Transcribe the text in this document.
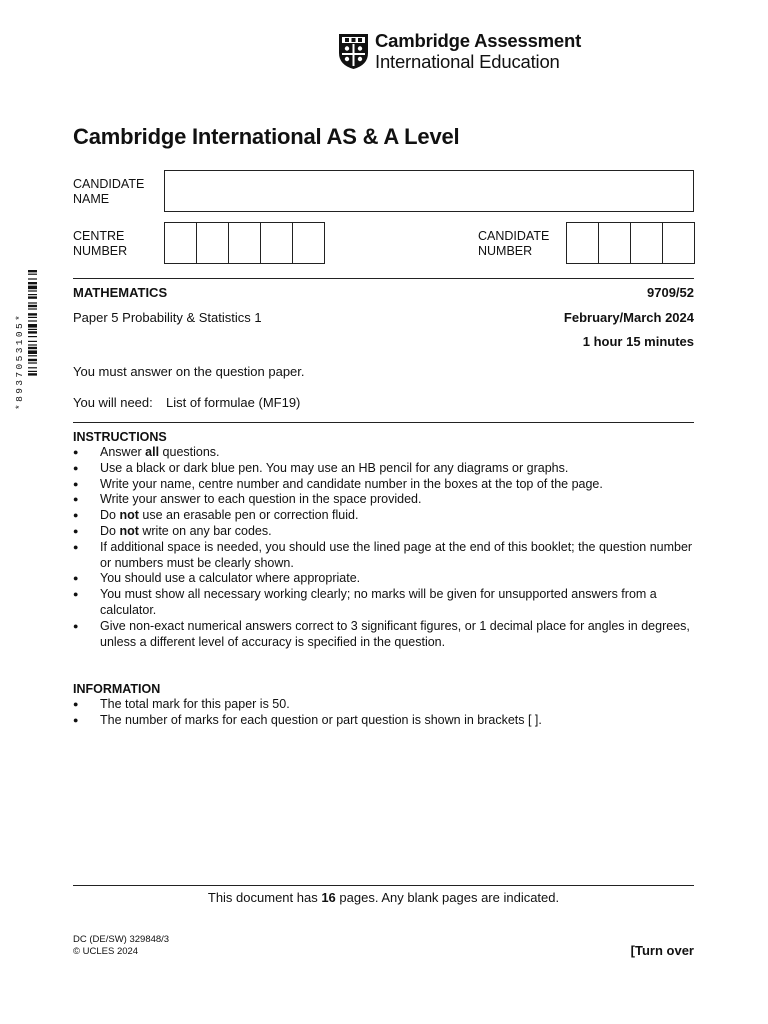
Cambridge Assessment
International Education
Cambridge International AS & A Level
CANDIDATE
NAME
CENTRE
NUMBER
CANDIDATE
NUMBER
*8937053105*
MATHEMATICS	9709/52
Paper 5 Probability & Statistics 1	February/March 2024
1 hour 15 minutes
You must answer on the question paper.
You will need: List of formulae (MF19)
INSTRUCTIONS
● Answer all questions.
● Use a black or dark blue pen. You may use an HB pencil for any diagrams or graphs.
● Write your name, centre number and candidate number in the boxes at the top of the page.
● Write your answer to each question in the space provided.
● Do not use an erasable pen or correction fluid.
● Do not write on any bar codes.
● If additional space is needed, you should use the lined page at the end of this booklet; the question number or numbers must be clearly shown.
● You should use a calculator where appropriate.
● You must show all necessary working clearly; no marks will be given for unsupported answers from a calculator.
● Give non-exact numerical answers correct to 3 significant figures, or 1 decimal place for angles in degrees, unless a different level of accuracy is specified in the question.
INFORMATION
● The total mark for this paper is 50.
● The number of marks for each question or part question is shown in brackets [ ].
This document has 16 pages. Any blank pages are indicated.
DC (DE/SW) 329848/3
© UCLES 2024	[Turn over
